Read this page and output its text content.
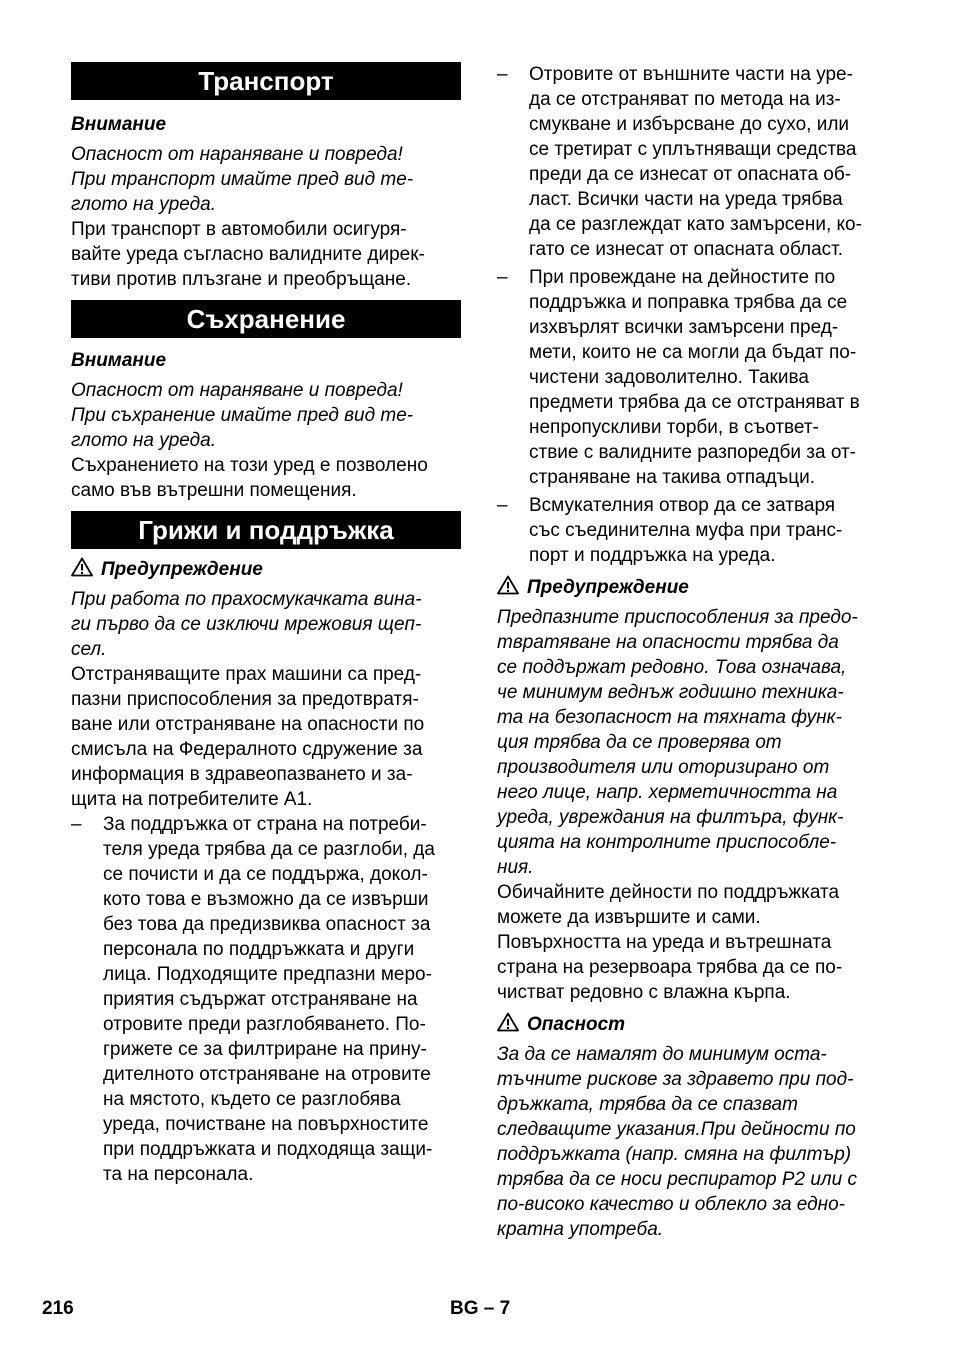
Транспорт

Внимание

Опасност от нараняване и повреда!

При транспорт имайте пред вид те-

глото на уреда.

При транспорт в автомобили осигуря-

вайте уреда съгласно валидните дирек-

тиви против плъзгане и преобръщане.

Съхранение

Внимание

Опасност от нараняване и повреда!

При съхранение имайте пред вид те-

глото на уреда.

Съхранението на този уред е позволено

само във вътрешни помещения.

Грижи и поддръжка

Предупреждение

При работа по прахосмукачката вина-

ги първо да се изключи мрежовия щеп-

сел.

Отстраняващите прах машини са пред-

пазни приспособления за предотвратя-

ване или отстраняване на опасности по

смисъла на Федералното сдружение за

информация в здравеопазването и за-

щита на потребителите А1.

–	За поддръжка от страна на потреби-

теля уреда трябва да се разглоби, да

се почисти и да се поддържа, докол-

кото това е възможно да се извърши

без това да предизвиква опасност за

персонала по поддръжката и други

лица. Подходящите предпазни меро-

приятия съдържат отстраняване на

отровите преди разглобяването. По-

грижете се за филтриране на прину-

дителното отстраняване на отровите

на мястото, където се разглобява

уреда, почистване на повърхностите

при поддръжката и подходяща защи-

та на персонала.

–	Отровите от външните части на уре-

да се отстраняват по метода на из-

смукване и избърсване до сухо, или

се третират с уплътняващи средства

преди да се изнесат от опасната об-

ласт. Всички части на уреда трябва

да се разглеждат като замърсени, ко-

гато се изнесат от опасната област.

–	При провеждане на дейностите по

поддръжка и поправка трябва да се

изхвърлят всички замърсени пред-

мети, които не са могли да бъдат по-

чистени задоволително. Такива

предмети трябва да се отстраняват в

непропускливи торби, в съответ-

ствие с валидните разпоредби за от-

страняване на такива отпадъци.

–	Всмукателния отвор да се затваря

със съединителна муфа при транс-

порт и поддръжка на уреда.

Предупреждение

Предпазните приспособления за предо-

твратяване на опасности трябва да

се поддържат редовно. Това означава,

че минимум веднъж годишно техника-

та на безопасност на тяхната функ-

ция трябва да се проверява от

производителя или оторизирано от

него лице, напр. херметичността на

уреда, увреждания на филтъра, функ-

цията на контролните приспособле-

ния.

Обичайните дейности по поддръжката

можете да извършите и сами.

Повърхността на уреда и вътрешната

страна на резервоара трябва да се по-

чистват редовно с влажна кърпа.

Опасност

За да се намалят до минимум оста-

тъчните рискове за здравето при под-

дръжката, трябва да се спазват

следващите указания.При дейности по

поддръжката (напр. смяна на филтър)

трябва да се носи респиратор Р2 или с

по-високо качество и облекло за едно-

кратна употреба.

216	BG – 7
